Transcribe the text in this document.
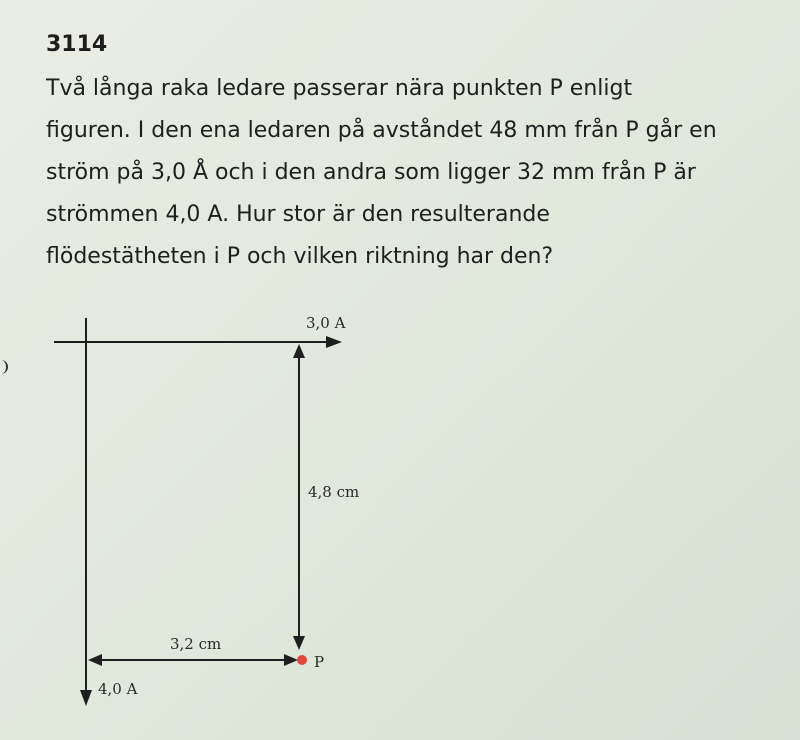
3114
Två långa raka ledare passerar nära punkten P enligt
figuren. I den ena ledaren på avståndet 48 mm från P går en
ström på 3,0 Å och i den andra som ligger 32 mm från P är
strömmen 4,0 A. Hur stor är den resulterande
flödestätheten i P och vilken riktning har den?
3,0 A
4,8 cm
3,2 cm
P
4,0 A
